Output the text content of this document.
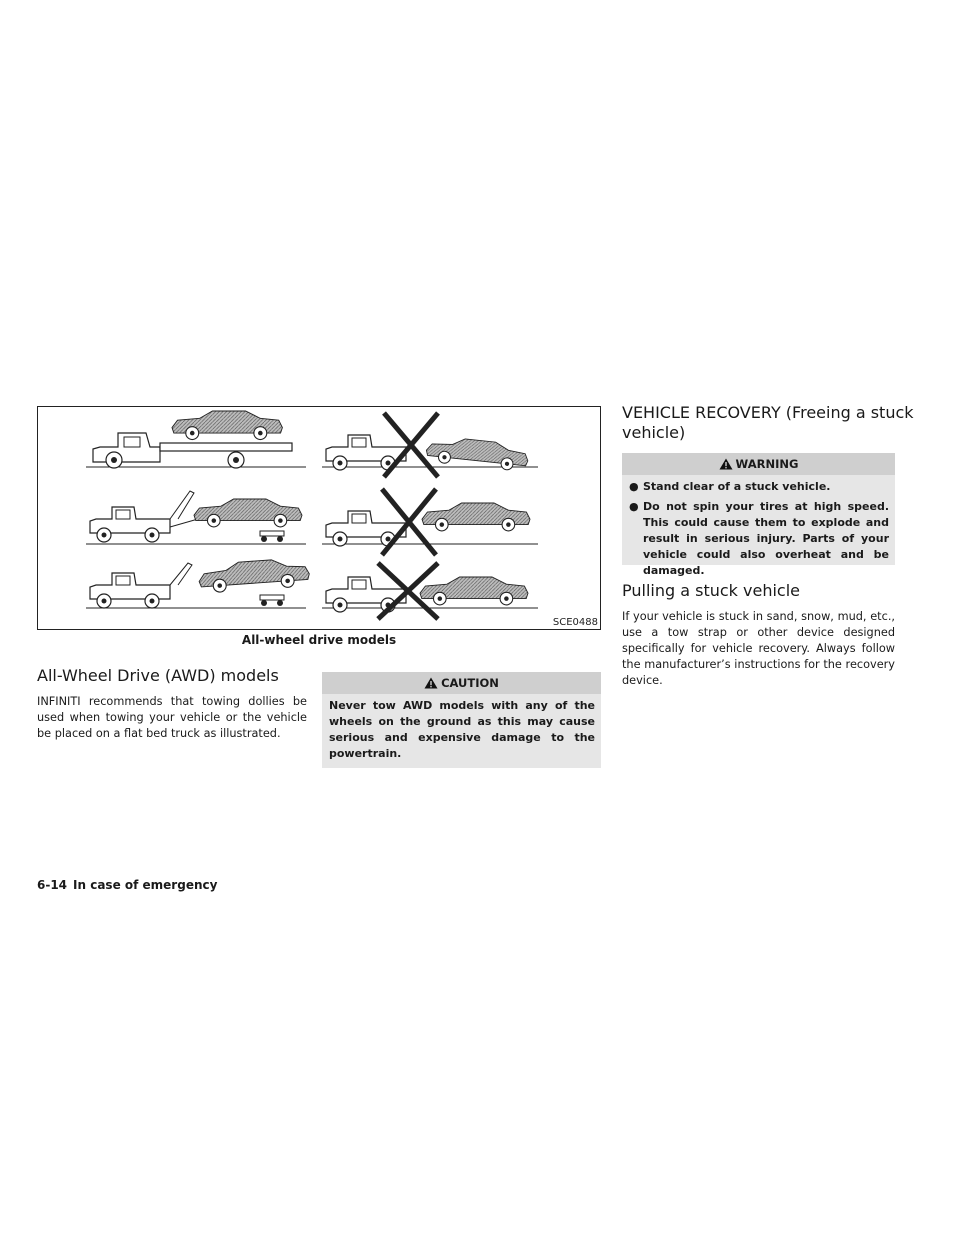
SCE0488
All-wheel drive models
All-Wheel Drive (AWD) models

INFINITI recommends that towing dollies be used when towing your vehicle or the vehicle be placed on a flat bed truck as illustrated.

CAUTION
Never tow AWD models with any of the wheels on the ground as this may cause serious and expensive damage to the powertrain.
VEHICLE RECOVERY (Freeing a stuck vehicle)
WARNING
● Stand clear of a stuck vehicle.
● Do not spin your tires at high speed. This could cause them to explode and result in serious injury. Parts of your vehicle could also overheat and be damaged.
Pulling a stuck vehicle

If your vehicle is stuck in sand, snow, mud, etc., use a tow strap or other device designed specifically for vehicle recovery. Always follow the manufacturer’s instructions for the recovery device.

6-14 In case of emergency
